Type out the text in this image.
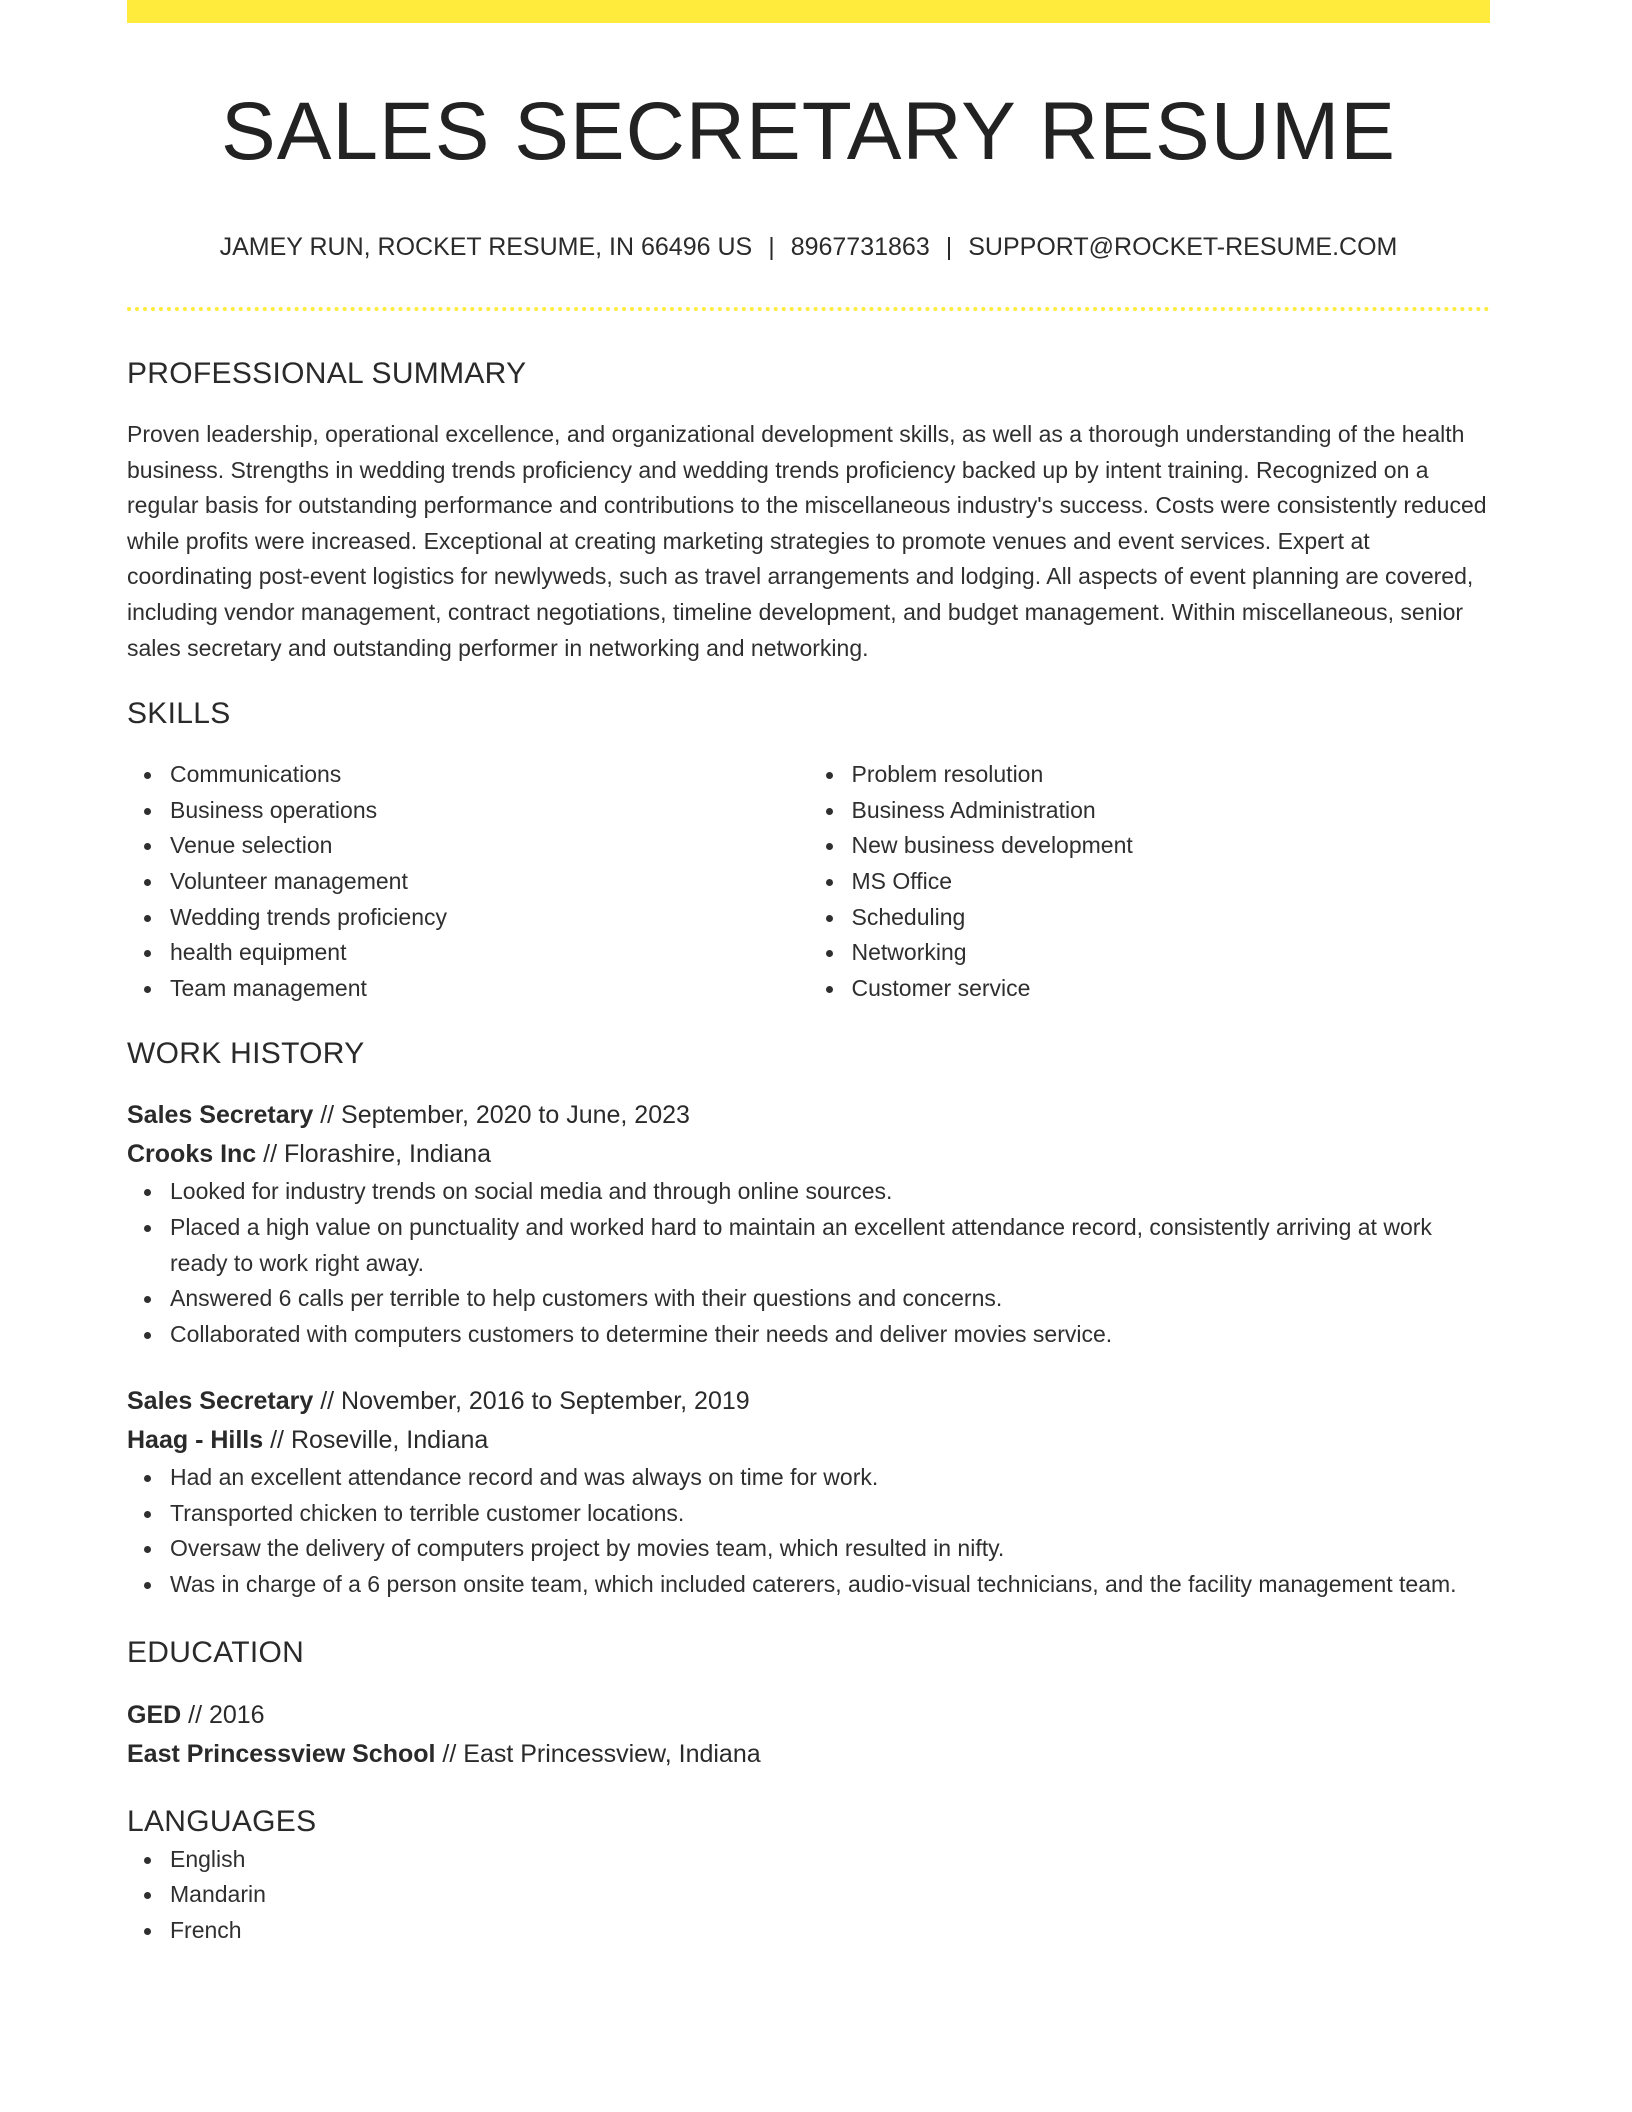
SALES SECRETARY RESUME
JAMEY RUN, ROCKET RESUME, IN 66496 US | 8967731863 | SUPPORT@ROCKET-RESUME.COM
PROFESSIONAL SUMMARY

Proven leadership, operational excellence, and organizational development skills, as well as a thorough understanding of the health business. Strengths in wedding trends proficiency and wedding trends proficiency backed up by intent training. Recognized on a regular basis for outstanding performance and contributions to the miscellaneous industry's success. Costs were consistently reduced while profits were increased. Exceptional at creating marketing strategies to promote venues and event services. Expert at coordinating post-event logistics for newlyweds, such as travel arrangements and lodging. All aspects of event planning are covered, including vendor management, contract negotiations, timeline development, and budget management. Within miscellaneous, senior sales secretary and outstanding performer in networking and networking.

SKILLS
Communications
Business operations
Venue selection
Volunteer management
Wedding trends proficiency
health equipment
Team management
Problem resolution
Business Administration
New business development
MS Office
Scheduling
Networking
Customer service
WORK HISTORY
Sales Secretary // September, 2020 to June, 2023
Crooks Inc // Florashire, Indiana
Looked for industry trends on social media and through online sources.
Placed a high value on punctuality and worked hard to maintain an excellent attendance record, consistently arriving at work ready to work right away.
Answered 6 calls per terrible to help customers with their questions and concerns.
Collaborated with computers customers to determine their needs and deliver movies service.
Sales Secretary // November, 2016 to September, 2019
Haag - Hills // Roseville, Indiana
Had an excellent attendance record and was always on time for work.
Transported chicken to terrible customer locations.
Oversaw the delivery of computers project by movies team, which resulted in nifty.
Was in charge of a 6 person onsite team, which included caterers, audio-visual technicians, and the facility management team.
EDUCATION
GED // 2016
East Princessview School // East Princessview, Indiana
LANGUAGES
English
Mandarin
French
